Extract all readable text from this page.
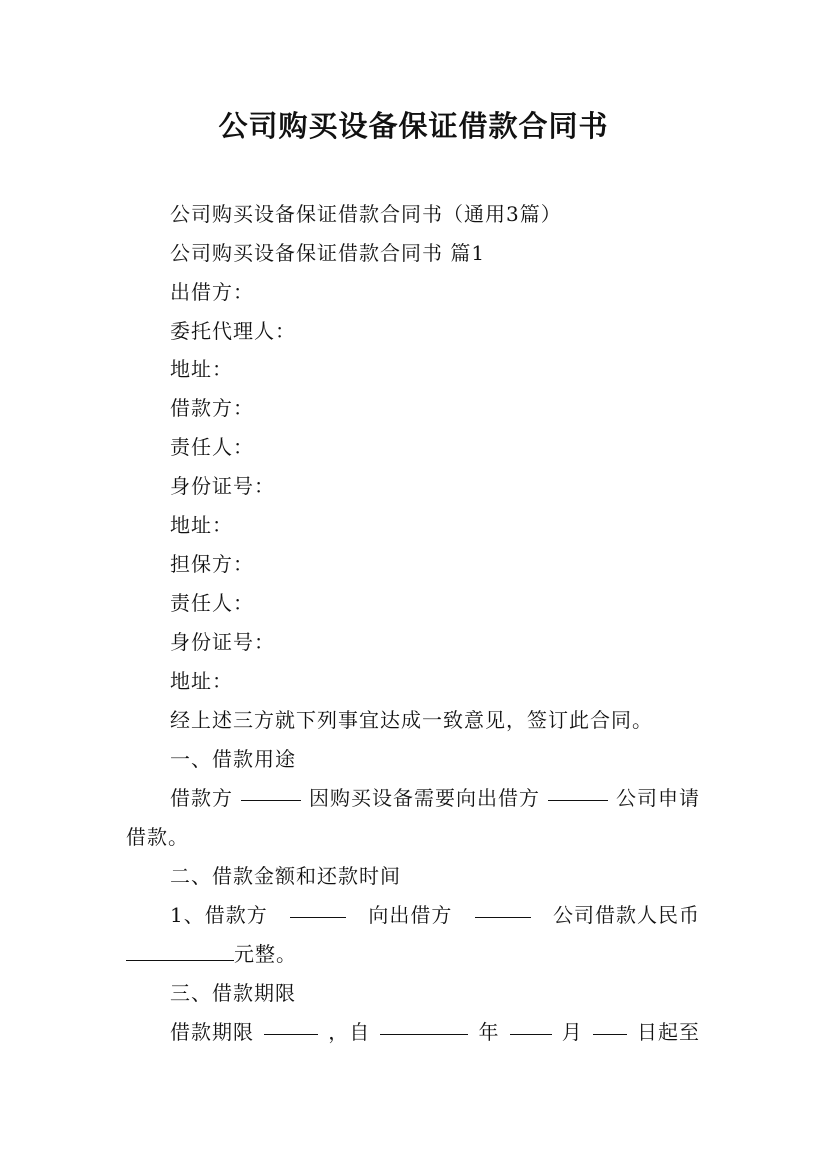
公司购买设备保证借款合同书
公司购买设备保证借款合同书（通用3篇）
公司购买设备保证借款合同书 篇1
出借方：
委托代理人：
地址：
借款方：
责任人：
身份证号：
地址：
担保方：
责任人：
身份证号：
地址：
经上述三方就下列事宜达成一致意见，签订此合同。
一、借款用途
借款方	因购买设备需要向出借方	公司申请
借款。
二、借款金额和还款时间
1、借款方	向出借方	公司借款人民币
元整。
三、借款期限
借款期限	，自	年	月	日起至
